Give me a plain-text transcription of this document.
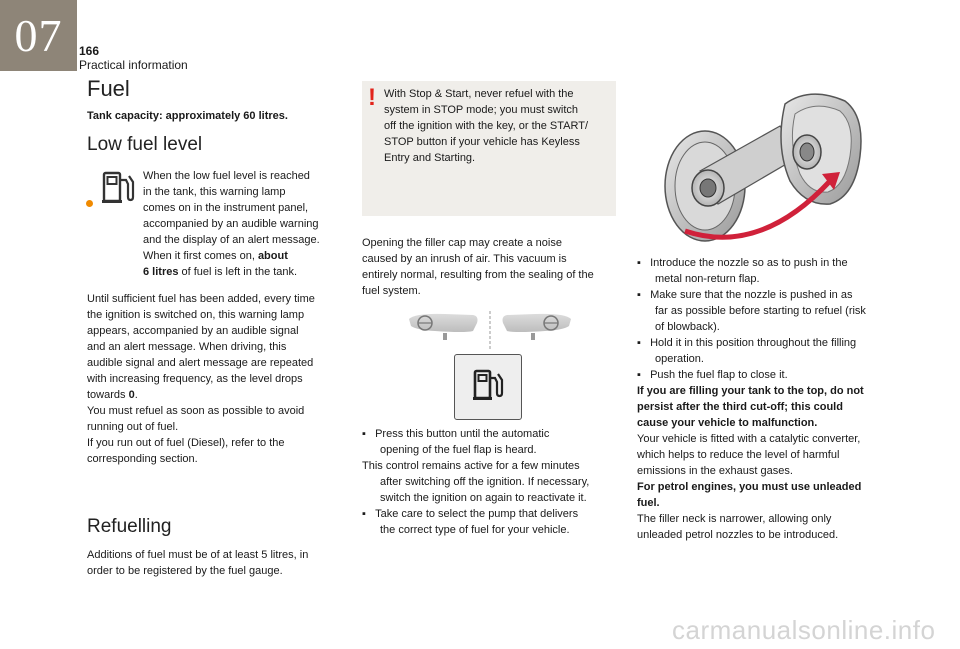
07	166
Practical information
Fuel
Tank capacity: approximately 60 litres.
Low fuel level

When the low fuel level is reached

in the tank, this warning lamp

comes on in the instrument panel,

accompanied by an audible warning

and the display of an alert message.

When it first comes on, about

6 litres of fuel is left in the tank.

Until sufficient fuel has been added, every time

the ignition is switched on, this warning lamp

appears, accompanied by an audible signal

and an alert message. When driving, this

audible signal and alert message are repeated

with increasing frequency, as the level drops

towards 0.

You must refuel as soon as possible to avoid

running out of fuel.

If you run out of fuel (Diesel), refer to the

corresponding section.

Refuelling

Additions of fuel must be of at least 5 litres, in

order to be registered by the fuel gauge.

! With Stop & Start, never refuel with the

system in STOP mode; you must switch

off the ignition with the key, or the START/

STOP button if your vehicle has Keyless

Entry and Starting.

Opening the filler cap may create a noise

caused by an inrush of air. This vacuum is

entirely normal, resulting from the sealing of the

fuel system.

▪ Press this button until the automatic

opening of the fuel flap is heard.

This control remains active for a few minutes

after switching off the ignition. If necessary,

switch the ignition on again to reactivate it.

▪ Take care to select the pump that delivers

the correct type of fuel for your vehicle.

▪ Introduce the nozzle so as to push in the

metal non-return flap.

▪ Make sure that the nozzle is pushed in as

far as possible before starting to refuel (risk

of blowback).

▪ Hold it in this position throughout the filling

operation.

▪ Push the fuel flap to close it.

If you are filling your tank to the top, do not

persist after the third cut-off; this could

cause your vehicle to malfunction.

Your vehicle is fitted with a catalytic converter,

which helps to reduce the level of harmful

emissions in the exhaust gases.

For petrol engines, you must use unleaded

fuel.

The filler neck is narrower, allowing only

unleaded petrol nozzles to be introduced.

carmanualsonline.info
